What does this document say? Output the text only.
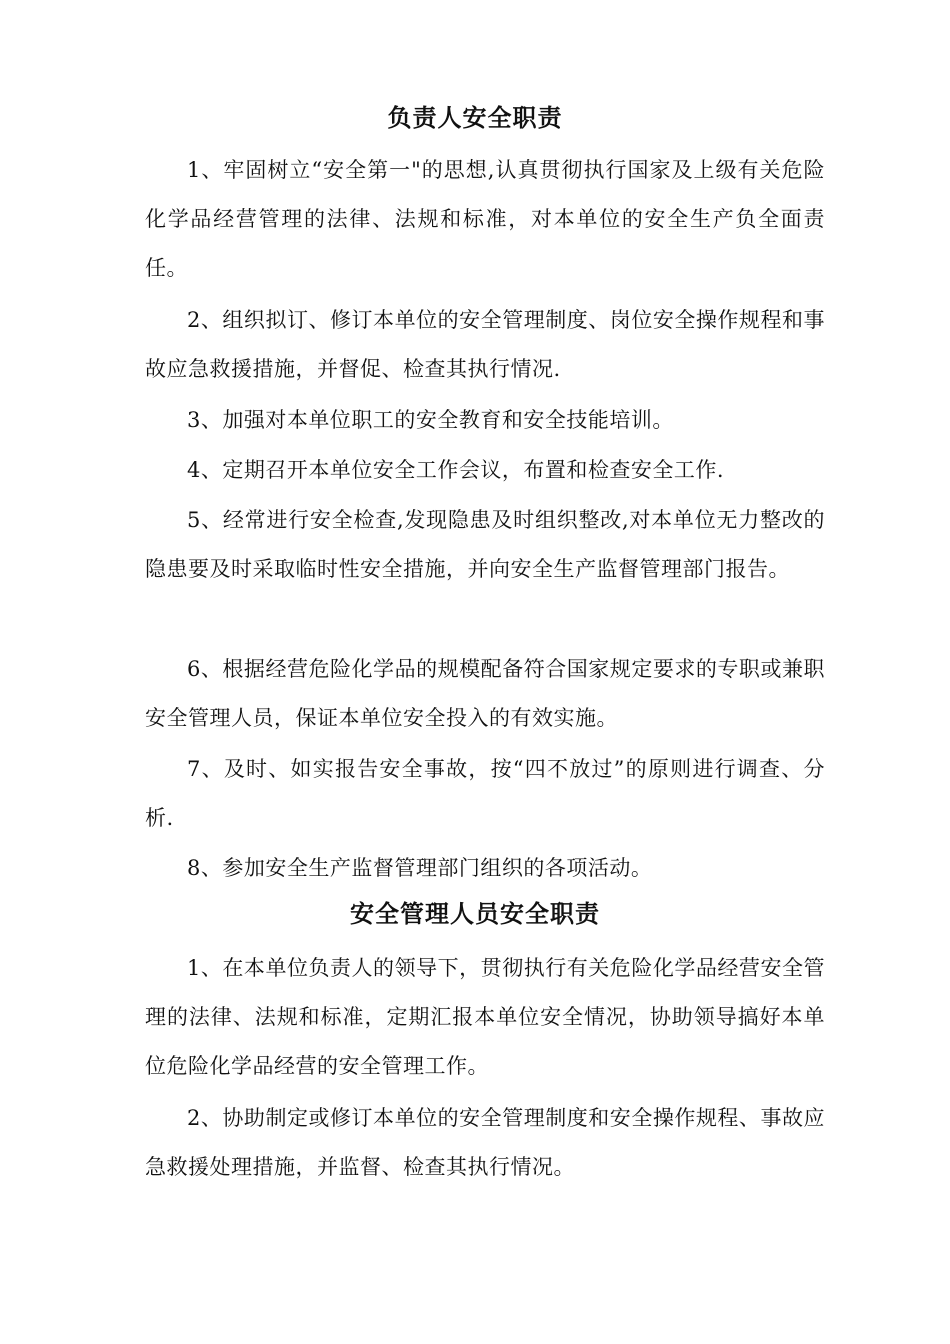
负责人安全职责

1、牢固树立“安全第一"的思想,认真贯彻执行国家及上级有关危险化学品经营管理的法律、法规和标准，对本单位的安全生产负全面责任。

2、组织拟订、修订本单位的安全管理制度、岗位安全操作规程和事故应急救援措施，并督促、检查其执行情况.

3、加强对本单位职工的安全教育和安全技能培训。

4、定期召开本单位安全工作会议，布置和检查安全工作.

5、经常进行安全检查,发现隐患及时组织整改,对本单位无力整改的隐患要及时采取临时性安全措施，并向安全生产监督管理部门报告。

6、根据经营危险化学品的规模配备符合国家规定要求的专职或兼职安全管理人员，保证本单位安全投入的有效实施。

7、及时、如实报告安全事故，按“四不放过”的原则进行调查、分析.

8、参加安全生产监督管理部门组织的各项活动。

安全管理人员安全职责

1、在本单位负责人的领导下，贯彻执行有关危险化学品经营安全管理的法律、法规和标准，定期汇报本单位安全情况，协助领导搞好本单位危险化学品经营的安全管理工作。

2、协助制定或修订本单位的安全管理制度和安全操作规程、事故应急救援处理措施，并监督、检查其执行情况。
